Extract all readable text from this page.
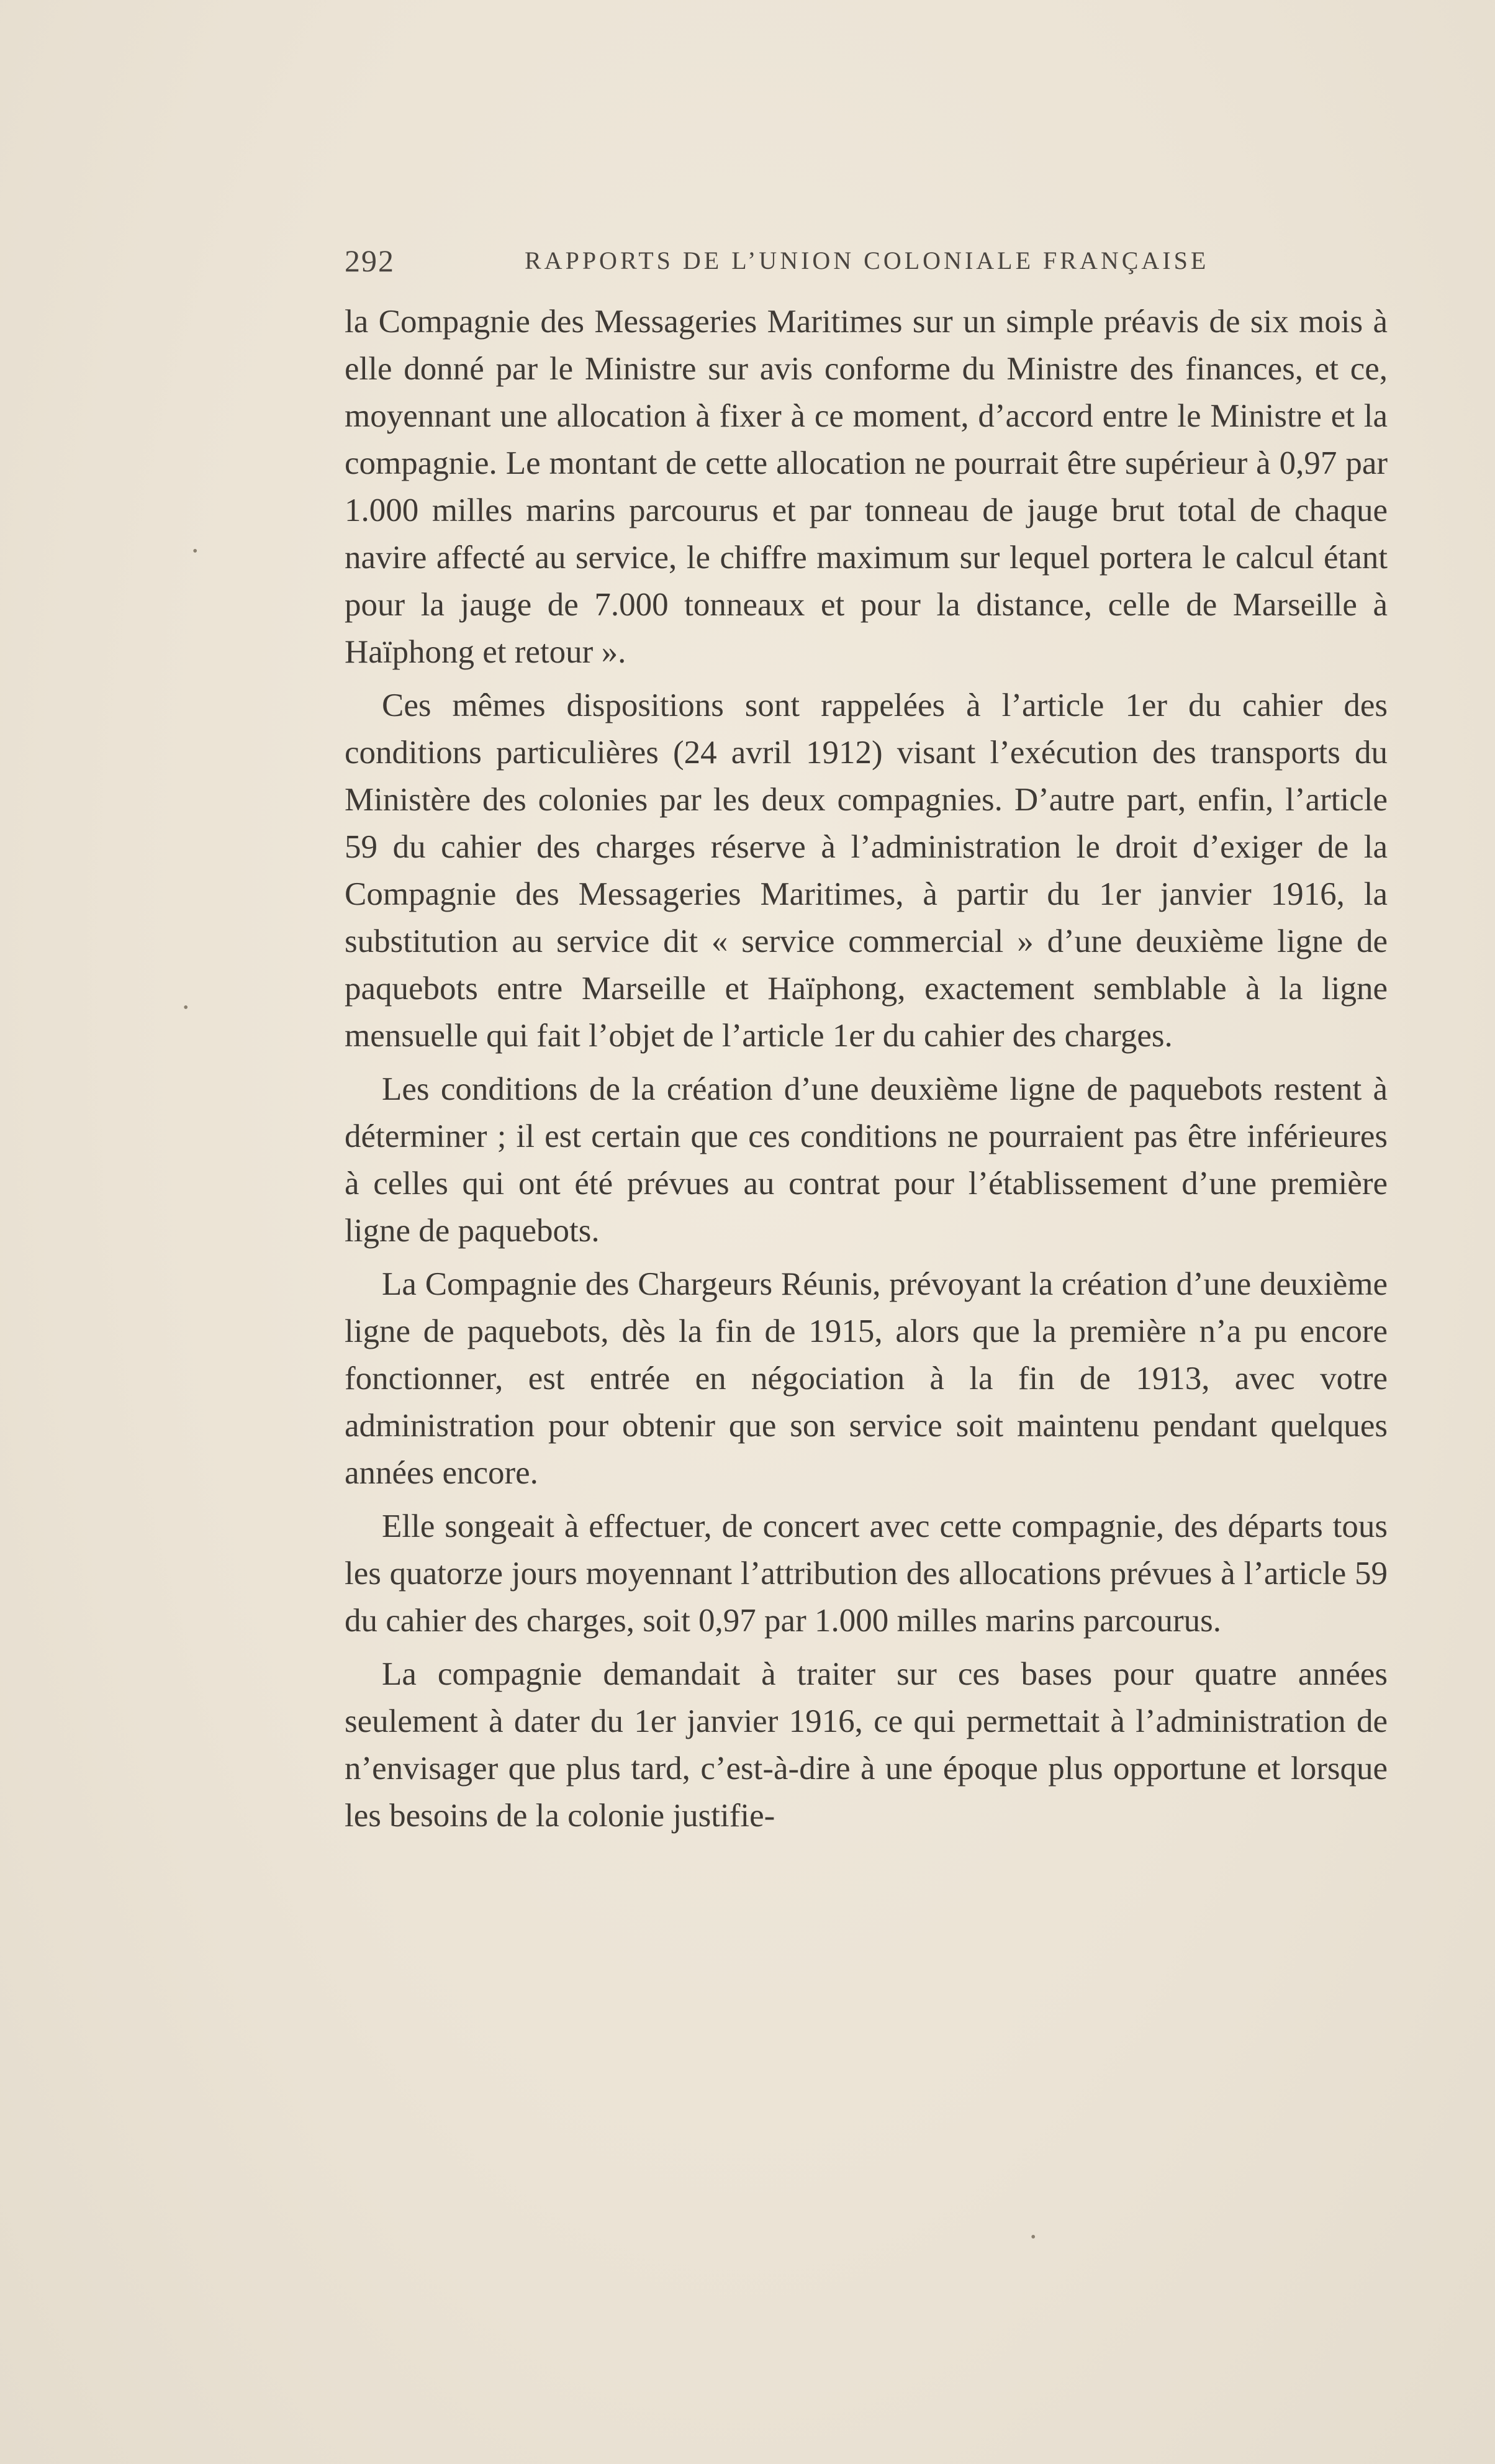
292	RAPPORTS DE L’UNION COLONIALE FRANÇAISE

la Compagnie des Messageries Maritimes sur un simple préavis de six mois à elle donné par le Ministre sur avis conforme du Ministre des finances, et ce, moyennant une allocation à fixer à ce moment, d’accord entre le Ministre et la compagnie. Le montant de cette allocation ne pourrait être supérieur à 0,97 par 1.000 milles marins parcourus et par tonneau de jauge brut total de chaque navire affecté au service, le chiffre maximum sur lequel portera le calcul étant pour la jauge de 7.000 tonneaux et pour la distance, celle de Marseille à Haïphong et retour ».

Ces mêmes dispositions sont rappelées à l’article 1er du cahier des conditions particulières (24 avril 1912) visant l’exécution des transports du Ministère des colonies par les deux compagnies. D’autre part, enfin, l’article 59 du cahier des charges réserve à l’administration le droit d’exiger de la Compagnie des Messageries Maritimes, à partir du 1er janvier 1916, la substitution au service dit « service commercial » d’une deuxième ligne de paquebots entre Marseille et Haïphong, exactement semblable à la ligne mensuelle qui fait l’objet de l’article 1er du cahier des charges.

Les conditions de la création d’une deuxième ligne de paquebots restent à déterminer ; il est certain que ces conditions ne pourraient pas être inférieures à celles qui ont été prévues au contrat pour l’établissement d’une première ligne de paquebots.

La Compagnie des Chargeurs Réunis, prévoyant la création d’une deuxième ligne de paquebots, dès la fin de 1915, alors que la première n’a pu encore fonctionner, est entrée en négociation à la fin de 1913, avec votre administration pour obtenir que son service soit maintenu pendant quelques années encore.

Elle songeait à effectuer, de concert avec cette compagnie, des départs tous les quatorze jours moyennant l’attribution des allocations prévues à l’article 59 du cahier des charges, soit 0,97 par 1.000 milles marins parcourus.

La compagnie demandait à traiter sur ces bases pour quatre années seulement à dater du 1er janvier 1916, ce qui permettait à l’administration de n’envisager que plus tard, c’est-à-dire à une époque plus opportune et lorsque les besoins de la colonie justifie-

•
•
•
